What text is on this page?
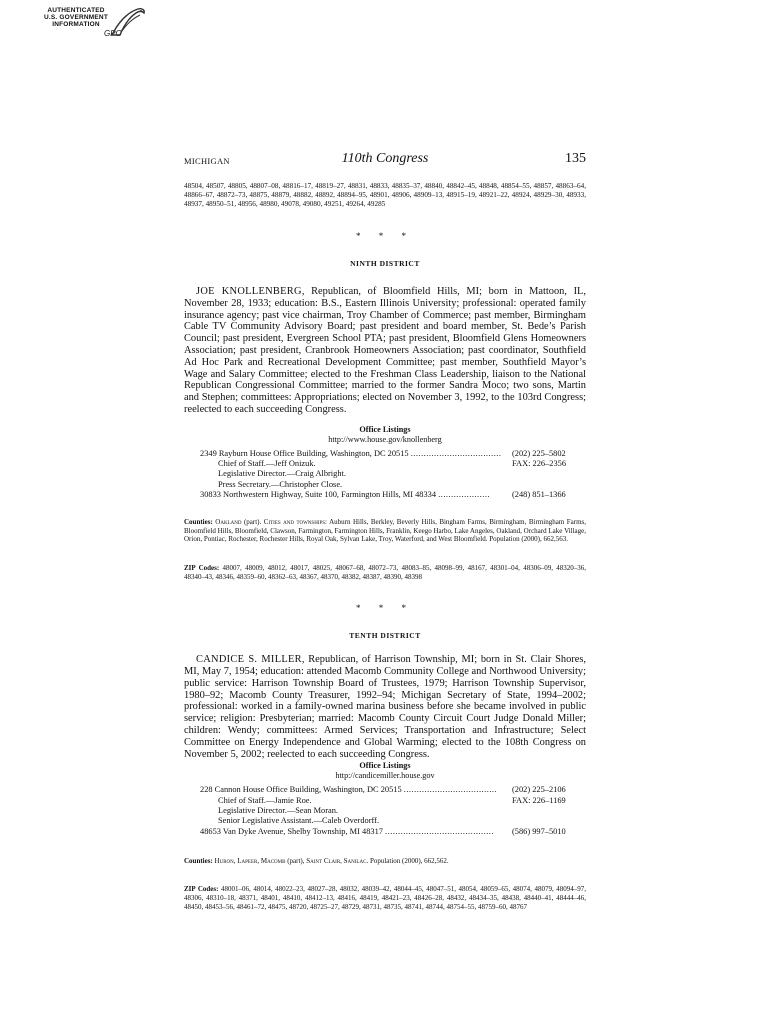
AUTHENTICATED
U.S. GOVERNMENT
INFORMATION
GPO
MICHIGAN	110th Congress	135
48504, 48507, 48805, 48807–08, 48816–17, 48819–27, 48831, 48833, 48835–37, 48840, 48842–45, 48848, 48854–55, 48857, 48863–64, 48866–67, 48872–73, 48875, 48879, 48882, 48892, 48894–95, 48901, 48906, 48909–13, 48915–19, 48921–22, 48924, 48929–30, 48933, 48937, 48950–51, 48956, 48980, 49078, 49080, 49251, 49264, 49285
* * *
NINTH DISTRICT
JOE KNOLLENBERG, Republican, of Bloomfield Hills, MI; born in Mattoon, IL, November 28, 1933; education: B.S., Eastern Illinois University; professional: operated family insurance agency; past vice chairman, Troy Chamber of Commerce; past member, Birmingham Cable TV Community Advisory Board; past president and board member, St. Bede’s Parish Council; past president, Evergreen School PTA; past president, Bloomfield Glens Homeowners Association; past president, Cranbrook Homeowners Association; past coordinator, Southfield Ad Hoc Park and Recreational Development Committee; past member, Southfield Mayor’s Wage and Salary Committee; elected to the Freshman Class Leadership, liaison to the National Republican Congressional Committee; married to the former Sandra Moco; two sons, Martin and Stephen; committees: Appropriations; elected on November 3, 1992, to the 103rd Congress; reelected to each succeeding Congress.
Office Listings
http://www.house.gov/knollenberg
2349 Rayburn House Office Building, Washington, DC 20515 ...................................	(202) 225–5802
Chief of Staff.—Jeff Onizuk.	FAX: 226–2356
Legislative Director.—Craig Albright.
Press Secretary.—Christopher Close.
30833 Northwestern Highway, Suite 100, Farmington Hills, MI 48334 ....................	(248) 851–1366
Counties: Oakland (part). Cities and townships: Auburn Hills, Berkley, Beverly Hills, Bingham Farms, Birmingham, Birmingham Farms, Bloomfield Hills, Bloomfield, Clawson, Farmington, Farmington Hills, Franklin, Keego Harbo, Lake Angeles, Oakland, Orchard Lake Village, Orion, Pontiac, Rochester, Rochester Hills, Royal Oak, Sylvan Lake, Troy, Waterford, and West Bloomfield. Population (2000), 662,563.
ZIP Codes: 48007, 48009, 48012, 48017, 48025, 48067–68, 48072–73, 48083–85, 48098–99, 48167, 48301–04, 48306–09, 48320–36, 48340–43, 48346, 48359–60, 48362–63, 48367, 48370, 48382, 48387, 48390, 48398
* * *
TENTH DISTRICT
CANDICE S. MILLER, Republican, of Harrison Township, MI; born in St. Clair Shores, MI, May 7, 1954; education: attended Macomb Community College and Northwood University; public service: Harrison Township Board of Trustees, 1979; Harrison Township Supervisor, 1980–92; Macomb County Treasurer, 1992–94; Michigan Secretary of State, 1994–2002; professional: worked in a family-owned marina business before she became involved in public service; religion: Presbyterian; married: Macomb County Circuit Court Judge Donald Miller; children: Wendy; committees: Armed Services; Transportation and Infrastructure; Select Committee on Energy Independence and Global Warming; elected to the 108th Congress on November 5, 2002; reelected to each succeeding Congress.
Office Listings
http://candicemiller.house.gov
228 Cannon House Office Building, Washington, DC 20515 ....................................	(202) 225–2106
Chief of Staff.—Jamie Roe.	FAX: 226–1169
Legislative Director.—Sean Moran.
Senior Legislative Assistant.—Caleb Overdorff.
48653 Van Dyke Avenue, Shelby Township, MI 48317 ..........................................	(586) 997–5010
Counties: Huron, Lapeer, Macomb (part), Saint Clair, Sanilac. Population (2000), 662,562.
ZIP Codes: 48001–06, 48014, 48022–23, 48027–28, 48032, 48039–42, 48044–45, 48047–51, 48054, 48059–65, 48074, 48079, 48094–97, 48306, 48310–18, 48371, 48401, 48410, 48412–13, 48416, 48419, 48421–23, 48426–28, 48432, 48434–35, 48438, 48440–41, 48444–46, 48450, 48453–56, 48461–72, 48475, 48720, 48725–27, 48729, 48731, 48735, 48741, 48744, 48754–55, 48759–60, 48767
